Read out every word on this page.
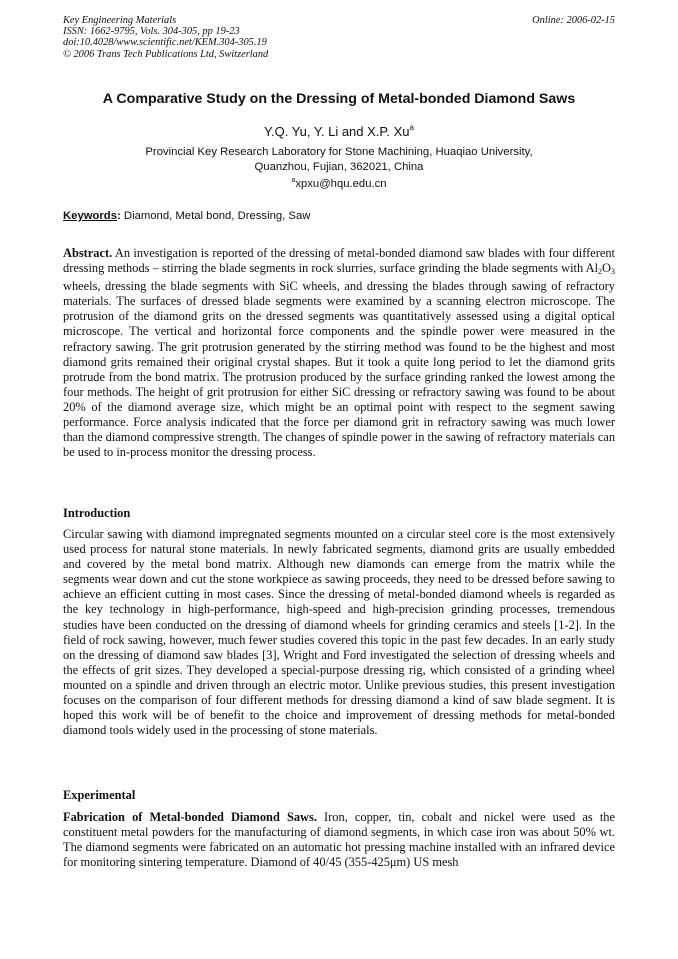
Key Engineering Materials
ISSN: 1662-9795, Vols. 304-305, pp 19-23
doi:10.4028/www.scientific.net/KEM.304-305.19
© 2006 Trans Tech Publications Ltd, Switzerland
Online: 2006-02-15
A Comparative Study on the Dressing of Metal-bonded Diamond Saws
Y.Q. Yu, Y. Li and X.P. Xu$^a$
Provincial Key Research Laboratory for Stone Machining, Huaqiao University,
Quanzhou, Fujian, 362021, China
$^a$xpxu@hqu.edu.cn
Keywords: Diamond, Metal bond, Dressing, Saw
Abstract. An investigation is reported of the dressing of metal-bonded diamond saw blades with four different dressing methods – stirring the blade segments in rock slurries, surface grinding the blade segments with $Al_2O_3$ wheels, dressing the blade segments with SiC wheels, and dressing the blades through sawing of refractory materials. The surfaces of dressed blade segments were examined by a scanning electron microscope. The protrusion of the diamond grits on the dressed segments was quantitatively assessed using a digital optical microscope. The vertical and horizontal force components and the spindle power were measured in the refractory sawing. The grit protrusion generated by the stirring method was found to be the highest and most diamond grits remained their original crystal shapes. But it took a quite long period to let the diamond grits protrude from the bond matrix. The protrusion produced by the surface grinding ranked the lowest among the four methods. The height of grit protrusion for either SiC dressing or refractory sawing was found to be about 20% of the diamond average size, which might be an optimal point with respect to the segment sawing performance. Force analysis indicated that the force per diamond grit in refractory sawing was much lower than the diamond compressive strength. The changes of spindle power in the sawing of refractory materials can be used to in-process monitor the dressing process.
Introduction
Circular sawing with diamond impregnated segments mounted on a circular steel core is the most extensively used process for natural stone materials. In newly fabricated segments, diamond grits are usually embedded and covered by the metal bond matrix. Although new diamonds can emerge from the matrix while the segments wear down and cut the stone workpiece as sawing proceeds, they need to be dressed before sawing to achieve an efficient cutting in most cases. Since the dressing of metal-bonded diamond wheels is regarded as the key technology in high-performance, high-speed and high-precision grinding processes, tremendous studies have been conducted on the dressing of diamond wheels for grinding ceramics and steels [1-2]. In the field of rock sawing, however, much fewer studies covered this topic in the past few decades. In an early study on the dressing of diamond saw blades [3], Wright and Ford investigated the selection of dressing wheels and the effects of grit sizes. They developed a special-purpose dressing rig, which consisted of a grinding wheel mounted on a spindle and driven through an electric motor. Unlike previous studies, this present investigation focuses on the comparison of four different methods for dressing diamond a kind of saw blade segment. It is hoped this work will be of benefit to the choice and improvement of dressing methods for metal-bonded diamond tools widely used in the processing of stone materials.
Experimental
Fabrication of Metal-bonded Diamond Saws. Iron, copper, tin, cobalt and nickel were used as the constituent metal powders for the manufacturing of diamond segments, in which case iron was about 50% wt. The diamond segments were fabricated on an automatic hot pressing machine installed with an infrared device for monitoring sintering temperature. Diamond of 40/45 (355-425μm) US mesh
